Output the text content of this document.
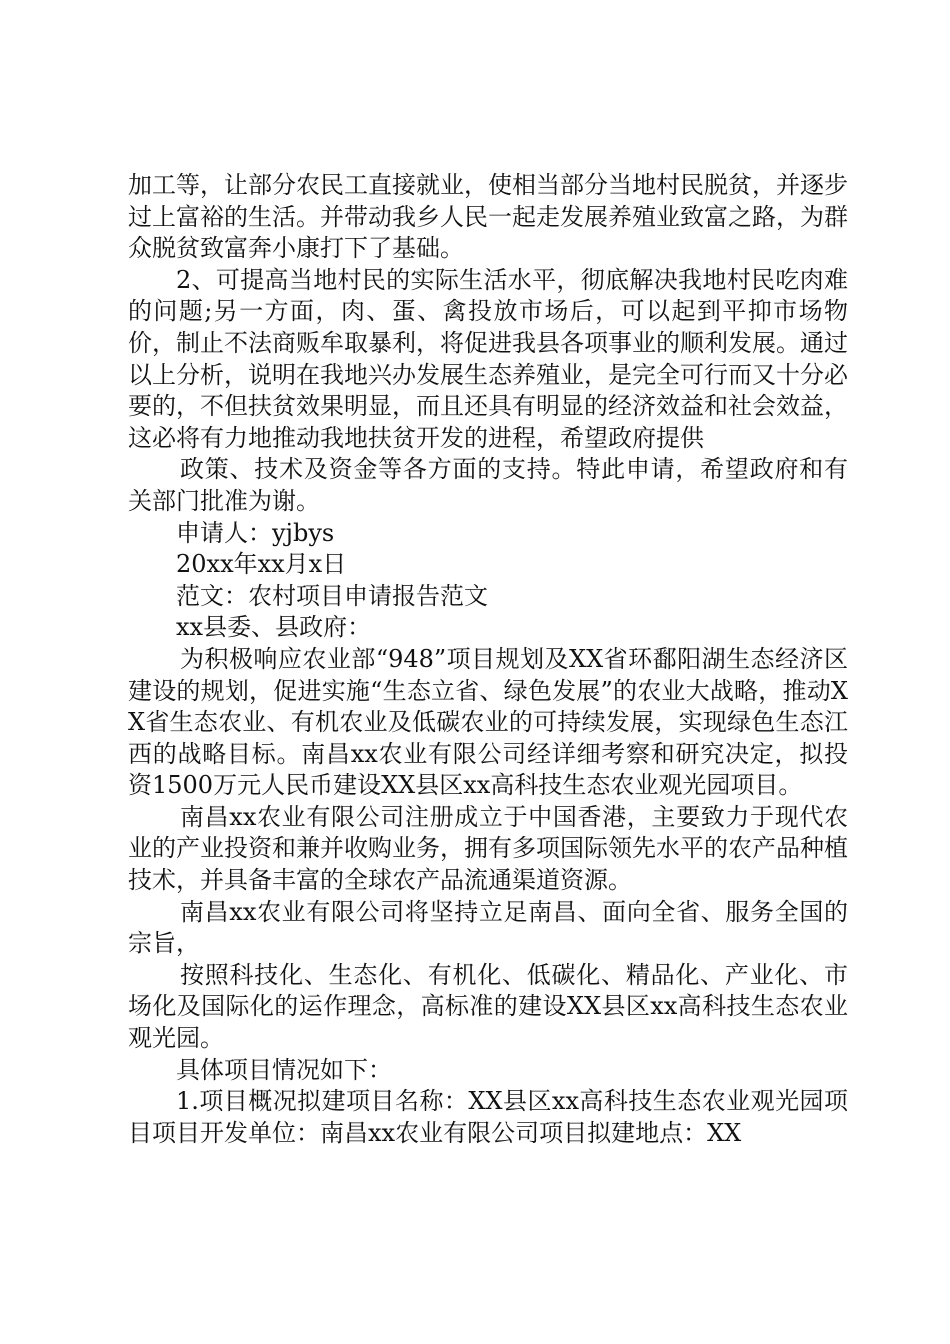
加工等，让部分农民工直接就业，使相当部分当地村民脱贫，并逐步过上富裕的生活。并带动我乡人民一起走发展养殖业致富之路，为群众脱贫致富奔小康打下了基础。

2、可提高当地村民的实际生活水平，彻底解决我地村民吃肉难的问题;另一方面，肉、蛋、禽投放市场后，可以起到平抑市场物价，制止不法商贩牟取暴利，将促进我县各项事业的顺利发展。通过以上分析，说明在我地兴办发展生态养殖业，是完全可行而又十分必要的，不但扶贫效果明显，而且还具有明显的经济效益和社会效益，这必将有力地推动我地扶贫开发的进程，希望政府提供

政策、技术及资金等各方面的支持。特此申请，希望政府和有关部门批准为谢。

申请人：yjbys

20xx年xx月x日

范文：农村项目申请报告范文

xx县委、县政府：

为积极响应农业部“948”项目规划及XX省环鄱阳湖生态经济区建设的规划，促进实施“生态立省、绿色发展”的农业大战略，推动XX省生态农业、有机农业及低碳农业的可持续发展，实现绿色生态江西的战略目标。南昌xx农业有限公司经详细考察和研究决定，拟投资1500万元人民币建设XX县区xx高科技生态农业观光园项目。

南昌xx农业有限公司注册成立于中国香港，主要致力于现代农业的产业投资和兼并收购业务，拥有多项国际领先水平的农产品种植技术，并具备丰富的全球农产品流通渠道资源。

南昌xx农业有限公司将坚持立足南昌、面向全省、服务全国的宗旨，

按照科技化、生态化、有机化、低碳化、精品化、产业化、市场化及国际化的运作理念，高标准的建设XX县区xx高科技生态农业观光园。

具体项目情况如下：

1.项目概况拟建项目名称：XX县区xx高科技生态农业观光园项目项目开发单位：南昌xx农业有限公司项目拟建地点：XX
